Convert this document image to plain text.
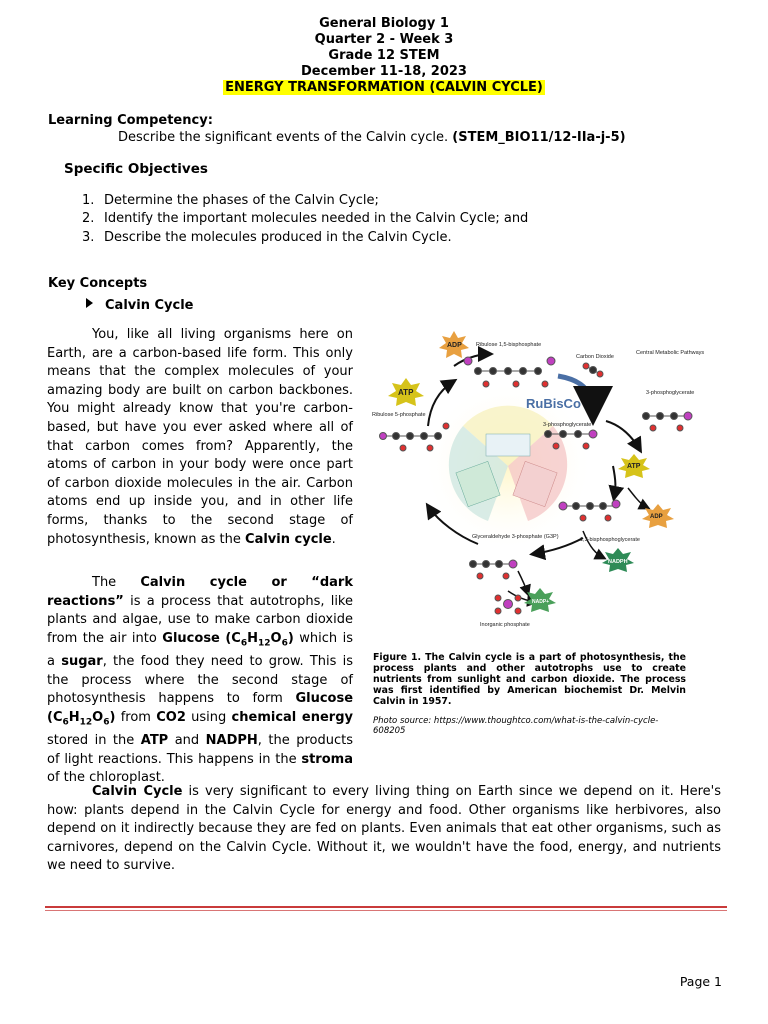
General Biology 1
Quarter 2 - Week 3
Grade 12 STEM
December 11-18, 2023
ENERGY TRANSFORMATION (CALVIN CYCLE)
Learning Competency:
Describe the significant events of the Calvin cycle. (STEM_BIO11/12-IIa-j-5)
Specific Objectives
1. Determine the phases of the Calvin Cycle;
2. Identify the important molecules needed in the Calvin Cycle; and
3. Describe the molecules produced in the Calvin Cycle.
Key Concepts
Calvin Cycle
You, like all living organisms here on Earth, are a carbon-based life form. This only means that the complex molecules of your amazing body are built on carbon backbones. You might already know that you're carbon-based, but have you ever asked where all of that carbon comes from? Apparently, the atoms of carbon in your body were once part of carbon dioxide molecules in the air. Carbon atoms end up inside you, and in other life forms, thanks to the second stage of photosynthesis, known as the Calvin cycle.
The Calvin cycle or “dark reactions” is a process that autotrophs, like plants and algae, use to make carbon dioxide from the air into Glucose $(C_6H_{12}O_6)$ which is a sugar, the food they need to grow. This is the process where the second stage of photosynthesis happens to form Glucose $(C_6H_{12}O_6)$ from CO2 using chemical energy stored in the ATP and NADPH, the products of light reactions. This happens in the stroma of the chloroplast.
ADP	Ribulose 1,5-bisphosphate
Carbon Dioxide
Central Metabolic Pathways
ATP
RuBisCo
3-phosphoglycerate
Ribulose 5-phosphate
3-phosphoglycerate
ATP
ADP
1,3-bisphosphoglycerate
Glyceraldehyde 3-phosphate (G3P)
NADPH
NADP+
Inorganic phosphate
Figure 1. The Calvin cycle is a part of photosynthesis, the process plants and other autotrophs use to create nutrients from sunlight and carbon dioxide. The process was first identified by American biochemist Dr. Melvin Calvin in 1957.
Photo source: https://www.thoughtco.com/what-is-the-calvin-cycle-608205
Calvin Cycle is very significant to every living thing on Earth since we depend on it. Here's how: plants depend in the Calvin Cycle for energy and food. Other organisms like herbivores, also depend on it indirectly because they are fed on plants. Even animals that eat other organisms, such as carnivores, depend on the Calvin Cycle. Without it, we wouldn't have the food, energy, and nutrients we need to survive.
Page 1
